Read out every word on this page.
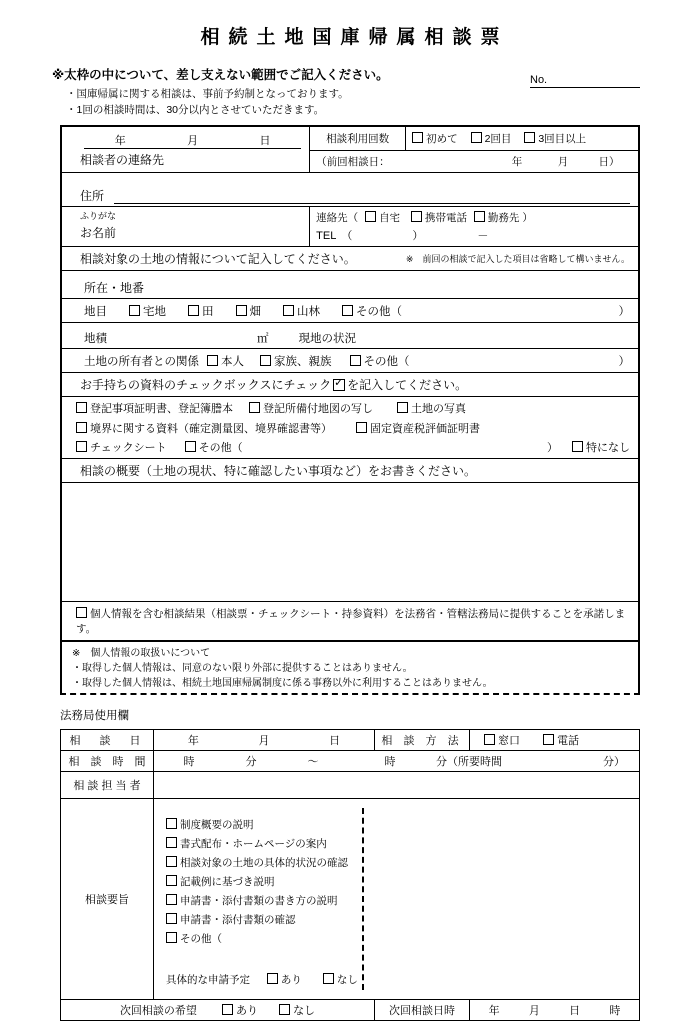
相続土地国庫帰属相談票
No.
※太枠の中について、差し支えない範囲でご記入ください。
・国庫帰属に関する相談は、事前予約制となっております。
・1回の相談時間は、30分以内とさせていただきます。
年	月	日
相談者の連絡先
相談利用回数	初めて	2回目	3回目以上
（前回相談日：	年	月	日）
住所
ふりがな
お名前
連絡先（ 自宅 携帯電話 勤務先 ）
TEL　（	）	－
相談対象の土地の情報について記入してください。	※　前回の相談で記入した項目は省略して構いません。
所在・地番
地目	宅地	田	畑	山林	その他（	）
地積	㎡	現地の状況
土地の所有者との関係	本人	家族、親族	その他（	）
お手持ちの資料のチェックボックスにチェック ✓ を記入してください。
登記事項証明書、登記簿謄本	登記所備付地図の写し	土地の写真
境界に関する資料（確定測量図、境界確認書等）	固定資産税評価証明書
チェックシート	その他（	）	特になし
相談の概要（土地の現状、特に確認したい事項など）をお書きください。
個人情報を含む相談結果（相談票・チェックシート・持参資料）を法務省・管轄法務局に提供することを承諾します。
※　個人情報の取扱いについて
・取得した個人情報は、同意のない限り外部に提供することはありません。
・取得した個人情報は、相続土地国庫帰属制度に係る事務以外に利用することはありません。
法務局使用欄
相　談　日	年 月 日	相 談 方 法	窓口 電話
相　談　時　間	時	分	～	時	分（所要時間	分）

相 談 担 当 者			
相談要旨	
制度概要の説明
書式配布・ホームページの案内
相談対象の土地の具体的状況の確認
記載例に基づき説明
申請書・添付書類の書き方の説明
申請書・添付書類の確認
その他（
具体的な申請予定	あり	なし

次回相談の希望 あり なし		次回相談日時	年 月 日 時
